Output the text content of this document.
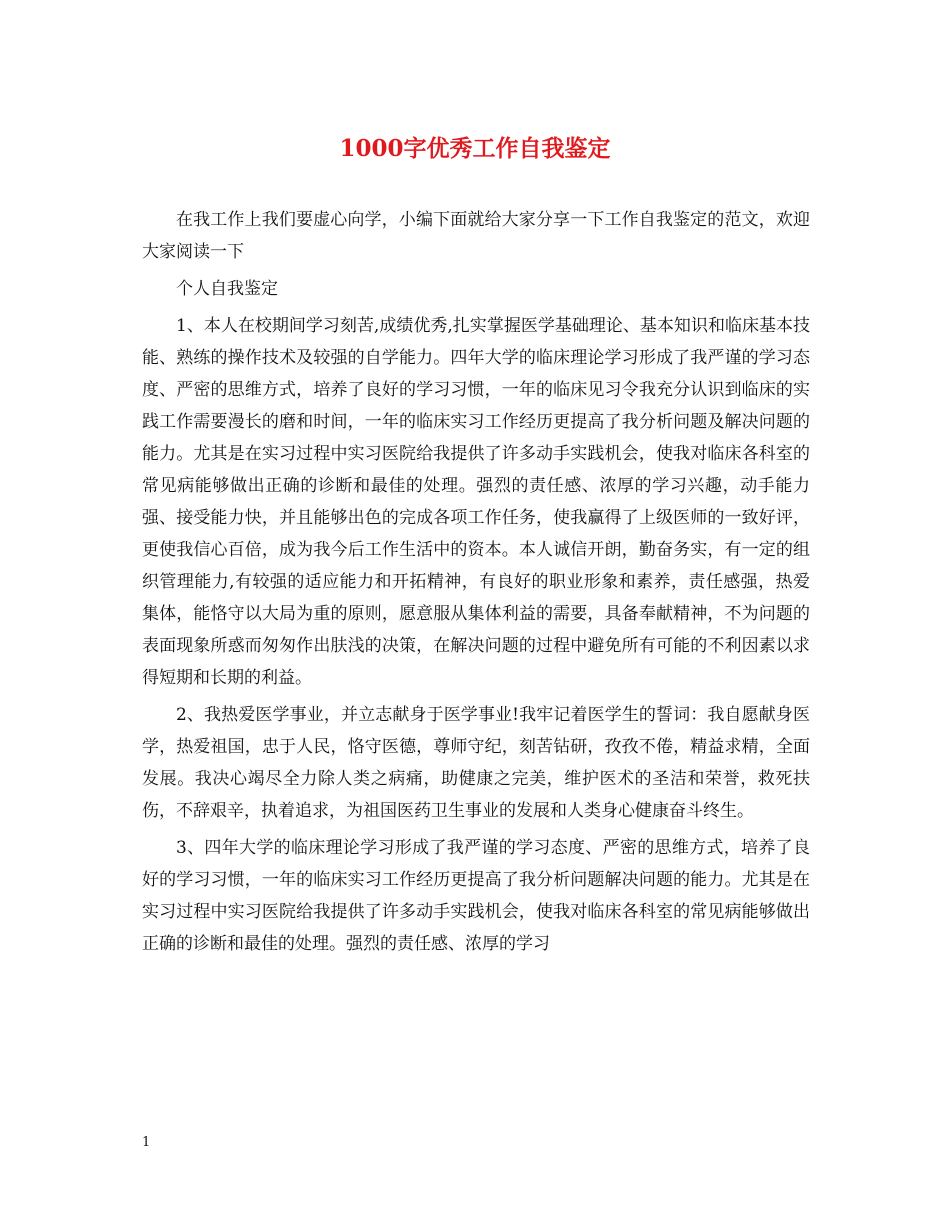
1000字优秀工作自我鉴定

在我工作上我们要虚心向学，小编下面就给大家分享一下工作自我鉴定的范文，欢迎大家阅读一下

个人自我鉴定

1、本人在校期间学习刻苦,成绩优秀,扎实掌握医学基础理论、基本知识和临床基本技能、熟练的操作技术及较强的自学能力。四年大学的临床理论学习形成了我严谨的学习态度、严密的思维方式，培养了良好的学习习惯，一年的临床见习令我充分认识到临床的实践工作需要漫长的磨和时间，一年的临床实习工作经历更提高了我分析问题及解决问题的能力。尤其是在实习过程中实习医院给我提供了许多动手实践机会，使我对临床各科室的常见病能够做出正确的诊断和最佳的处理。强烈的责任感、浓厚的学习兴趣，动手能力强、接受能力快，并且能够出色的完成各项工作任务，使我赢得了上级医师的一致好评，更使我信心百倍，成为我今后工作生活中的资本。本人诚信开朗，勤奋务实，有一定的组织管理能力,有较强的适应能力和开拓精神，有良好的职业形象和素养，责任感强，热爱集体，能恪守以大局为重的原则，愿意服从集体利益的需要，具备奉献精神，不为问题的表面现象所惑而匆匆作出肤浅的决策，在解决问题的过程中避免所有可能的不利因素以求得短期和长期的利益。

2、我热爱医学事业，并立志献身于医学事业!我牢记着医学生的誓词：我自愿献身医学，热爱祖国，忠于人民，恪守医德，尊师守纪，刻苦钻研，孜孜不倦，精益求精，全面发展。我决心竭尽全力除人类之病痛，助健康之完美，维护医术的圣洁和荣誉，救死扶伤，不辞艰辛，执着追求，为祖国医药卫生事业的发展和人类身心健康奋斗终生。

3、四年大学的临床理论学习形成了我严谨的学习态度、严密的思维方式，培养了良好的学习习惯，一年的临床实习工作经历更提高了我分析问题解决问题的能力。尤其是在实习过程中实习医院给我提供了许多动手实践机会，使我对临床各科室的常见病能够做出正确的诊断和最佳的处理。强烈的责任感、浓厚的学习

1
